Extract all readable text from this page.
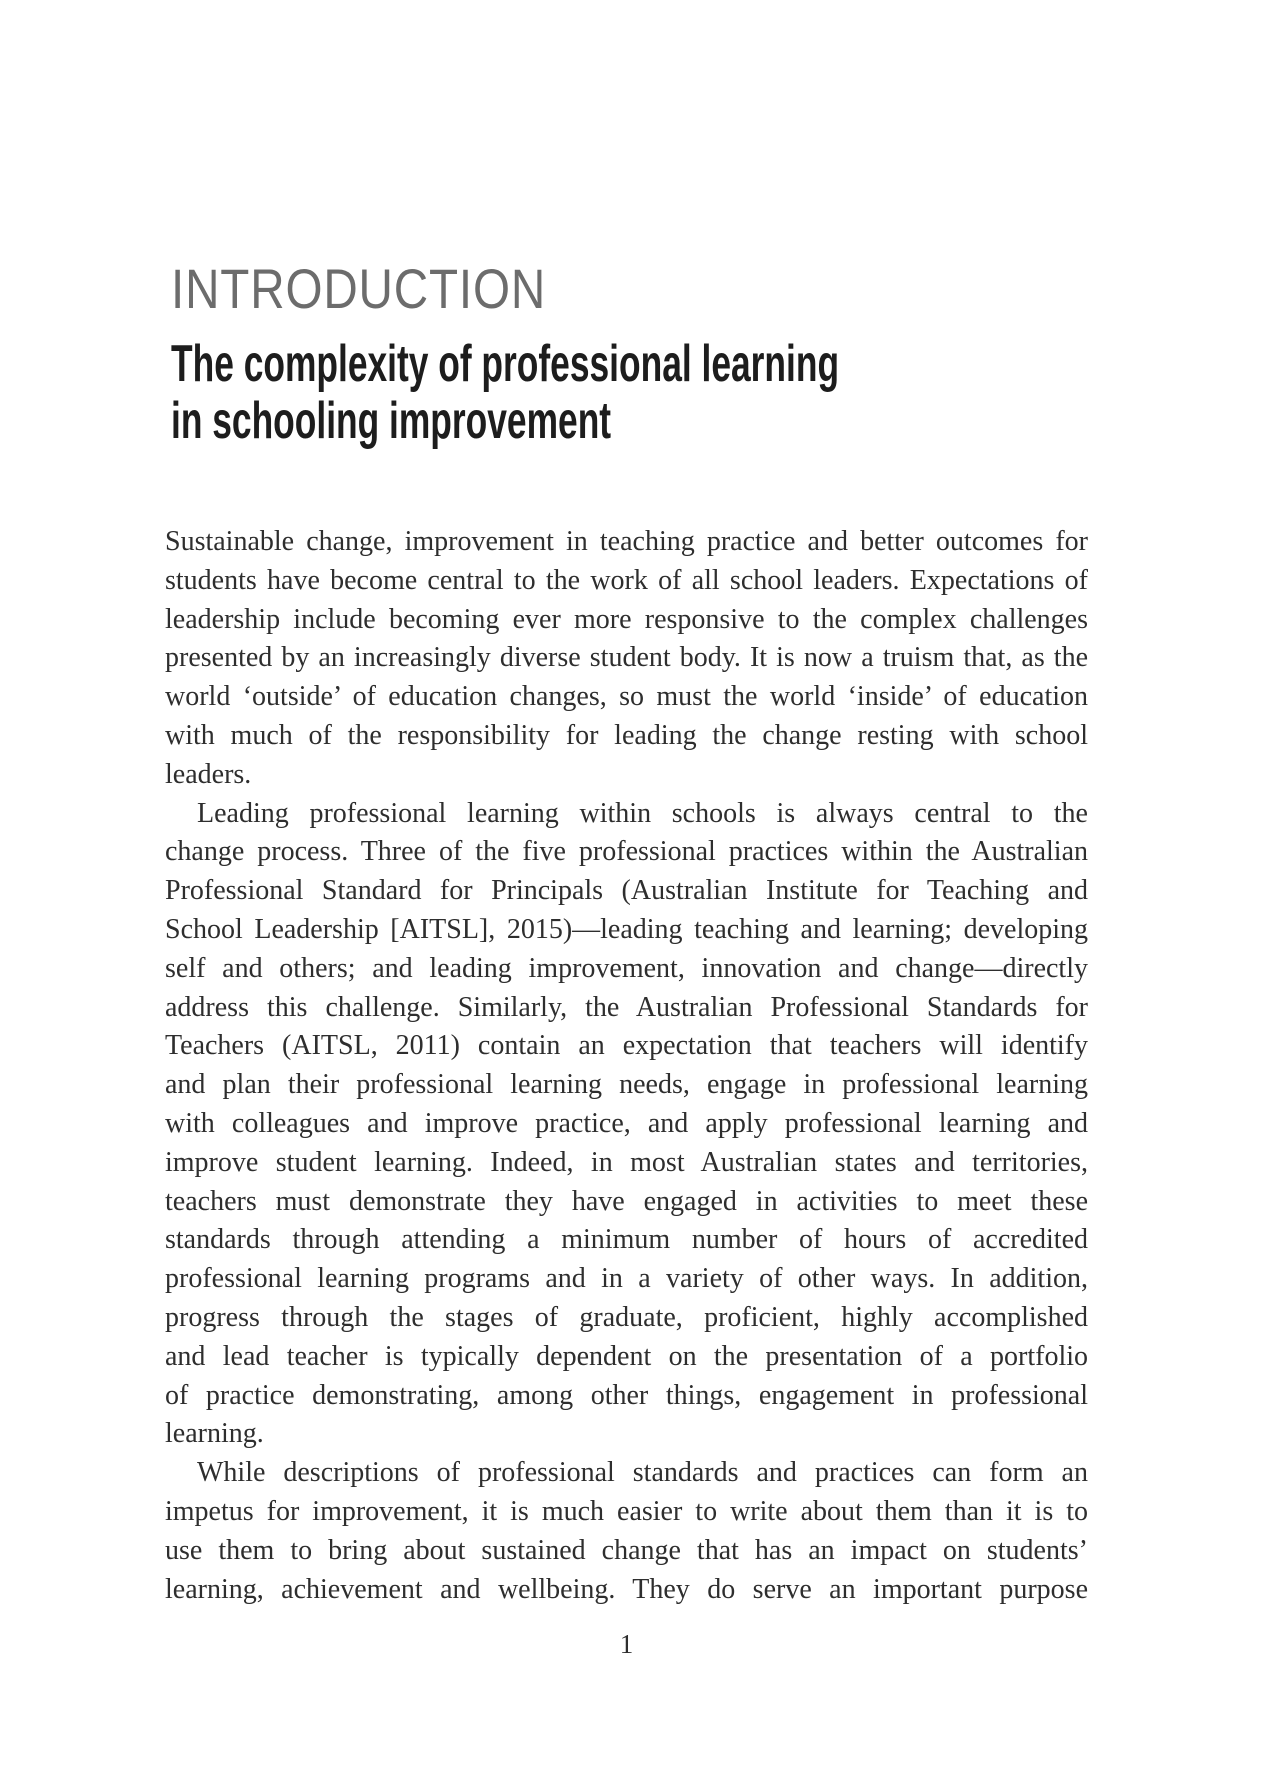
INTRODUCTION
The complexity of professional learning
in schooling improvement

Sustainable change, improvement in teaching practice and better outcomes for
students have become central to the work of all school leaders. Expectations of
leadership include becoming ever more responsive to the complex challenges
presented by an increasingly diverse student body. It is now a truism that, as the
world ‘outside’ of education changes, so must the world ‘inside’ of education
with much of the responsibility for leading the change resting with school
leaders.

Leading professional learning within schools is always central to the
change process. Three of the five professional practices within the Australian
Professional Standard for Principals (Australian Institute for Teaching and
School Leadership [AITSL], 2015)—leading teaching and learning; developing
self and others; and leading improvement, innovation and change—directly
address this challenge. Similarly, the Australian Professional Standards for
Teachers (AITSL, 2011) contain an expectation that teachers will identify
and plan their professional learning needs, engage in professional learning
with colleagues and improve practice, and apply professional learning and
improve student learning. Indeed, in most Australian states and territories,
teachers must demonstrate they have engaged in activities to meet these
standards through attending a minimum number of hours of accredited
professional learning programs and in a variety of other ways. In addition,
progress through the stages of graduate, proficient, highly accomplished
and lead teacher is typically dependent on the presentation of a portfolio
of practice demonstrating, among other things, engagement in professional
learning.

While descriptions of professional standards and practices can form an
impetus for improvement, it is much easier to write about them than it is to
use them to bring about sustained change that has an impact on students’
learning, achievement and wellbeing. They do serve an important purpose

1
